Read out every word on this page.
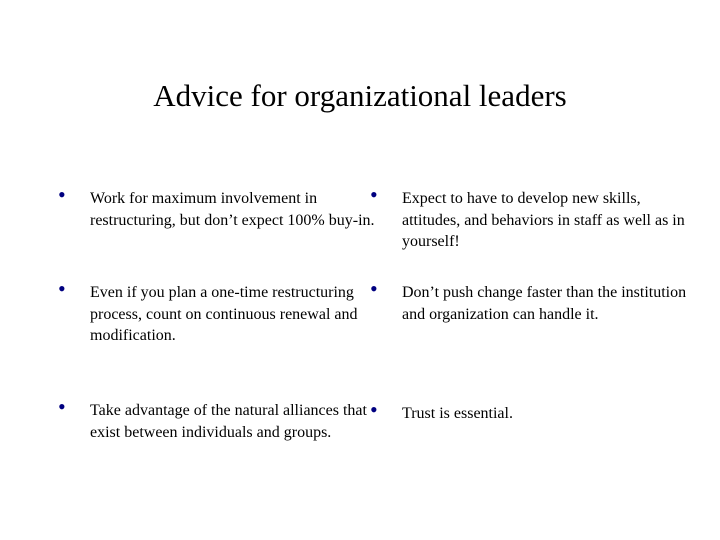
Advice for organizational leaders
• Work for maximum involvement in restructuring, but don’t expect 100% buy-in.
• Even if you plan a one-time restructuring process, count on continuous renewal and modification.
• Take advantage of the natural alliances that exist between individuals and groups.
• Expect to have to develop new skills, attitudes, and behaviors in staff as well as in yourself!
• Don’t push change faster than the institution and organization can handle it.
• Trust is essential.
